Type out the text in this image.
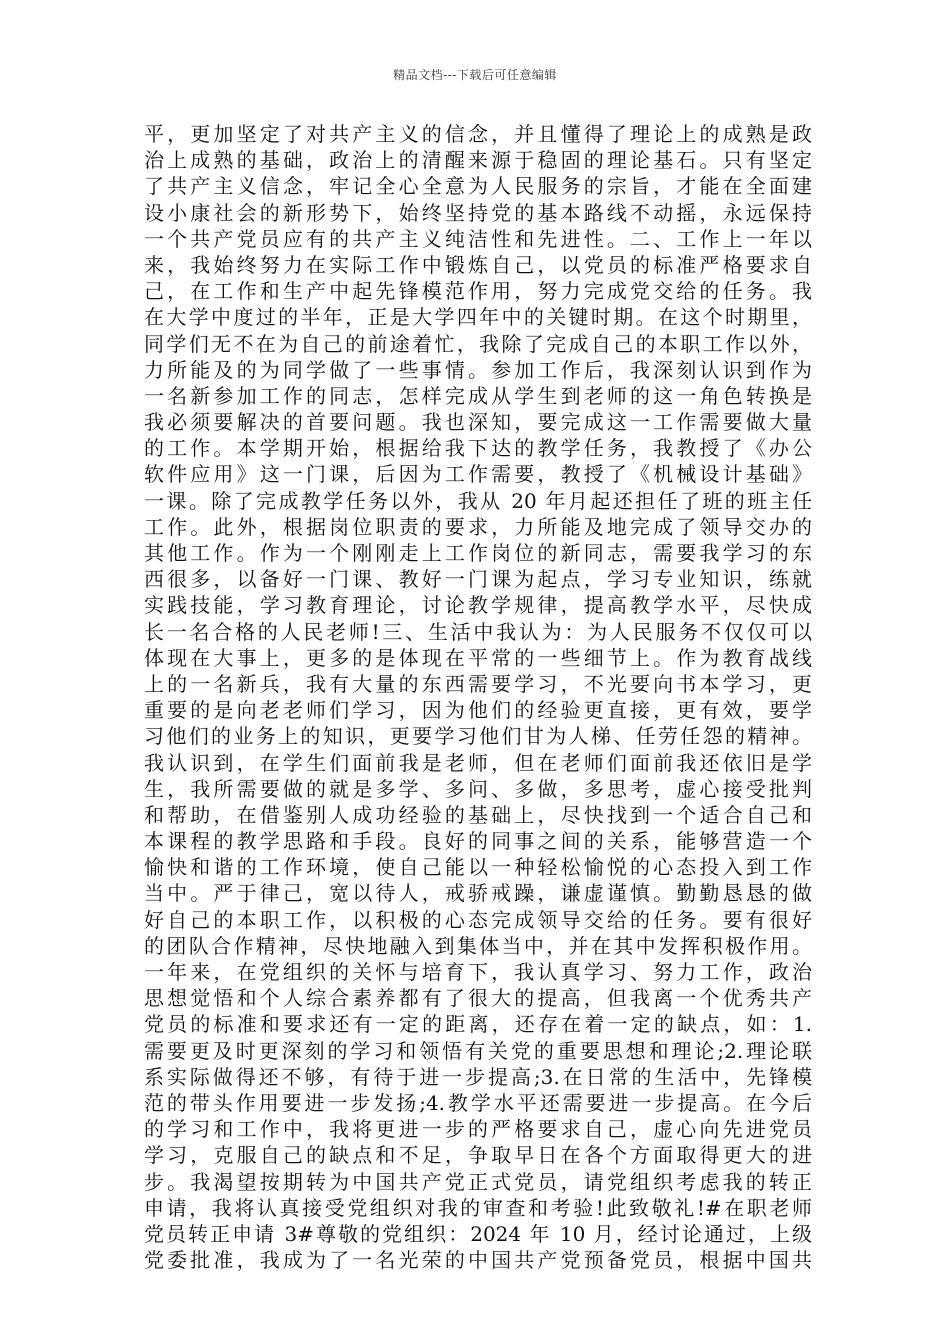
精品文档---下载后可任意编辑
平，更加坚定了对共产主义的信念，并且懂得了理论上的成熟是政
治上成熟的基础，政治上的清醒来源于稳固的理论基石。只有坚定
了共产主义信念，牢记全心全意为人民服务的宗旨，才能在全面建
设小康社会的新形势下，始终坚持党的基本路线不动摇，永远保持
一个共产党员应有的共产主义纯洁性和先进性。二、工作上一年以
来，我始终努力在实际工作中锻炼自己，以党员的标准严格要求自
己，在工作和生产中起先锋模范作用，努力完成党交给的任务。我
在大学中度过的半年，正是大学四年中的关键时期。在这个时期里，
同学们无不在为自己的前途着忙，我除了完成自己的本职工作以外，
力所能及的为同学做了一些事情。参加工作后，我深刻认识到作为
一名新参加工作的同志，怎样完成从学生到老师的这一角色转换是
我必须要解决的首要问题。我也深知，要完成这一工作需要做大量
的工作。本学期开始，根据给我下达的教学任务，我教授了《办公
软件应用》这一门课，后因为工作需要，教授了《机械设计基础》
一课。除了完成教学任务以外，我从 20 年月起还担任了班的班主任
工作。此外，根据岗位职责的要求，力所能及地完成了领导交办的
其他工作。作为一个刚刚走上工作岗位的新同志，需要我学习的东
西很多，以备好一门课、教好一门课为起点，学习专业知识，练就
实践技能，学习教育理论，讨论教学规律，提高教学水平，尽快成
长一名合格的人民老师!三、生活中我认为：为人民服务不仅仅可以
体现在大事上，更多的是体现在平常的一些细节上。作为教育战线
上的一名新兵，我有大量的东西需要学习，不光要向书本学习，更
重要的是向老老师们学习，因为他们的经验更直接，更有效，要学
习他们的业务上的知识，更要学习他们甘为人梯、任劳任怨的精神。
我认识到，在学生们面前我是老师，但在老师们面前我还依旧是学
生，我所需要做的就是多学、多问、多做，多思考，虚心接受批判
和帮助，在借鉴别人成功经验的基础上，尽快找到一个适合自己和
本课程的教学思路和手段。良好的同事之间的关系，能够营造一个
愉快和谐的工作环境，使自己能以一种轻松愉悦的心态投入到工作
当中。严于律己，宽以待人，戒骄戒躁，谦虚谨慎。勤勤恳恳的做
好自己的本职工作，以积极的心态完成领导交给的任务。要有很好
的团队合作精神，尽快地融入到集体当中，并在其中发挥积极作用。
一年来，在党组织的关怀与培育下，我认真学习、努力工作，政治
思想觉悟和个人综合素养都有了很大的提高，但我离一个优秀共产
党员的标准和要求还有一定的距离，还存在着一定的缺点，如：1.
需要更及时更深刻的学习和领悟有关党的重要思想和理论;2.理论联
系实际做得还不够，有待于进一步提高;3.在日常的生活中，先锋模
范的带头作用要进一步发扬;4.教学水平还需要进一步提高。在今后
的学习和工作中，我将更进一步的严格要求自己，虚心向先进党员
学习，克服自己的缺点和不足，争取早日在各个方面取得更大的进
步。我渴望按期转为中国共产党正式党员，请党组织考虑我的转正
申请，我将认真接受党组织对我的审查和考验!此致敬礼!#在职老师
党员转正申请 3#尊敬的党组织：2024 年 10 月，经讨论通过，上级
党委批准，我成为了一名光荣的中国共产党预备党员，根据中国共
